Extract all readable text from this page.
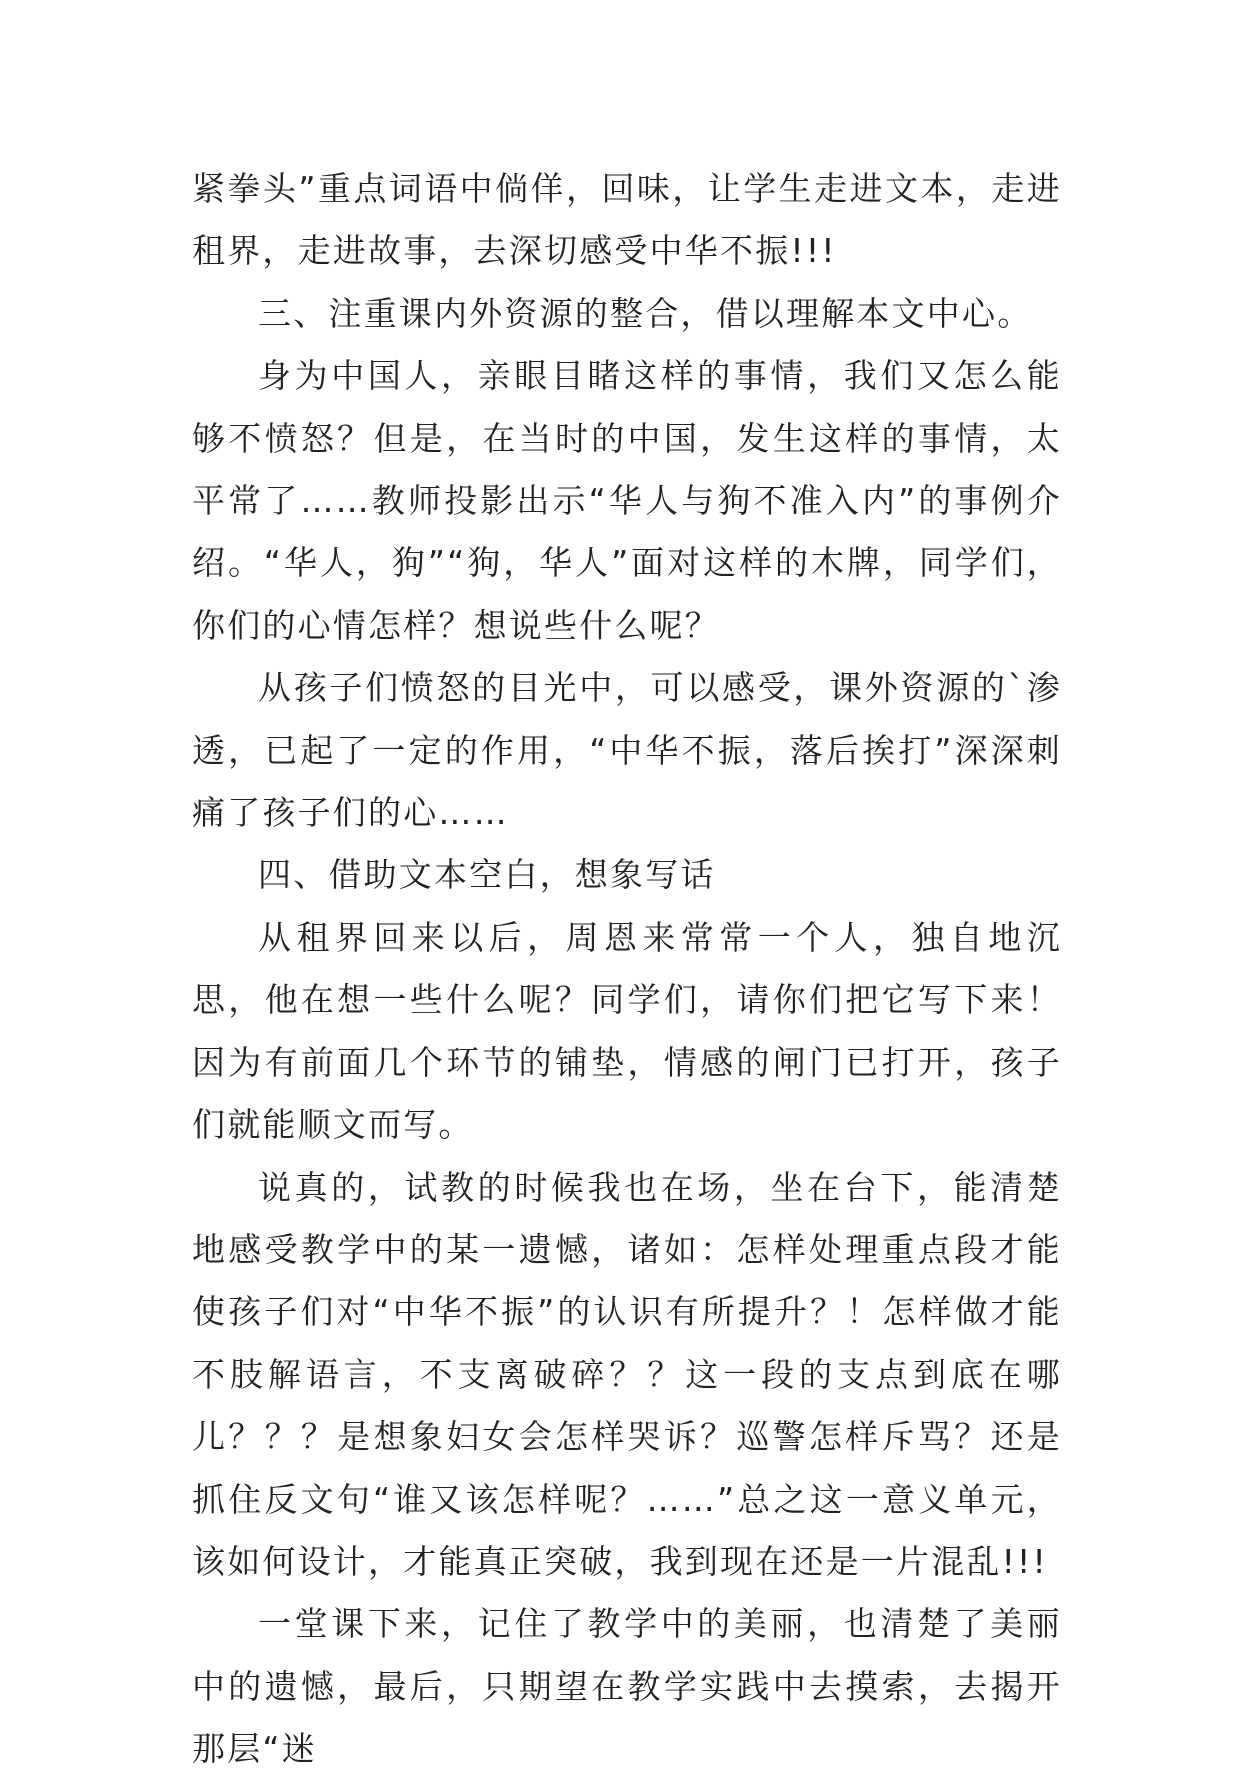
紧拳头”重点词语中倘佯，回味，让学生走进文本，走进租界，走进故事，去深切感受中华不振!!!

三、注重课内外资源的整合，借以理解本文中心。

身为中国人，亲眼目睹这样的事情，我们又怎么能够不愤怒？但是，在当时的中国，发生这样的事情，太平常了……教师投影出示“华人与狗不准入内”的事例介绍。“华人，狗”“狗，华人”面对这样的木牌，同学们，你们的心情怎样？想说些什么呢？

从孩子们愤怒的目光中，可以感受，课外资源的`渗透，已起了一定的作用，“中华不振，落后挨打”深深刺痛了孩子们的心……

四、借助文本空白，想象写话

从租界回来以后，周恩来常常一个人，独自地沉思，他在想一些什么呢？同学们，请你们把它写下来！因为有前面几个环节的铺垫，情感的闸门已打开，孩子们就能顺文而写。

说真的，试教的时候我也在场，坐在台下，能清楚地感受教学中的某一遗憾，诸如：怎样处理重点段才能使孩子们对“中华不振”的认识有所提升？！怎样做才能不肢解语言，不支离破碎？？这一段的支点到底在哪儿？？？是想象妇女会怎样哭诉？巡警怎样斥骂？还是抓住反文句“谁又该怎样呢？……”总之这一意义单元，该如何设计，才能真正突破，我到现在还是一片混乱!!!

一堂课下来，记住了教学中的美丽，也清楚了美丽中的遗憾，最后，只期望在教学实践中去摸索，去揭开那层“迷
